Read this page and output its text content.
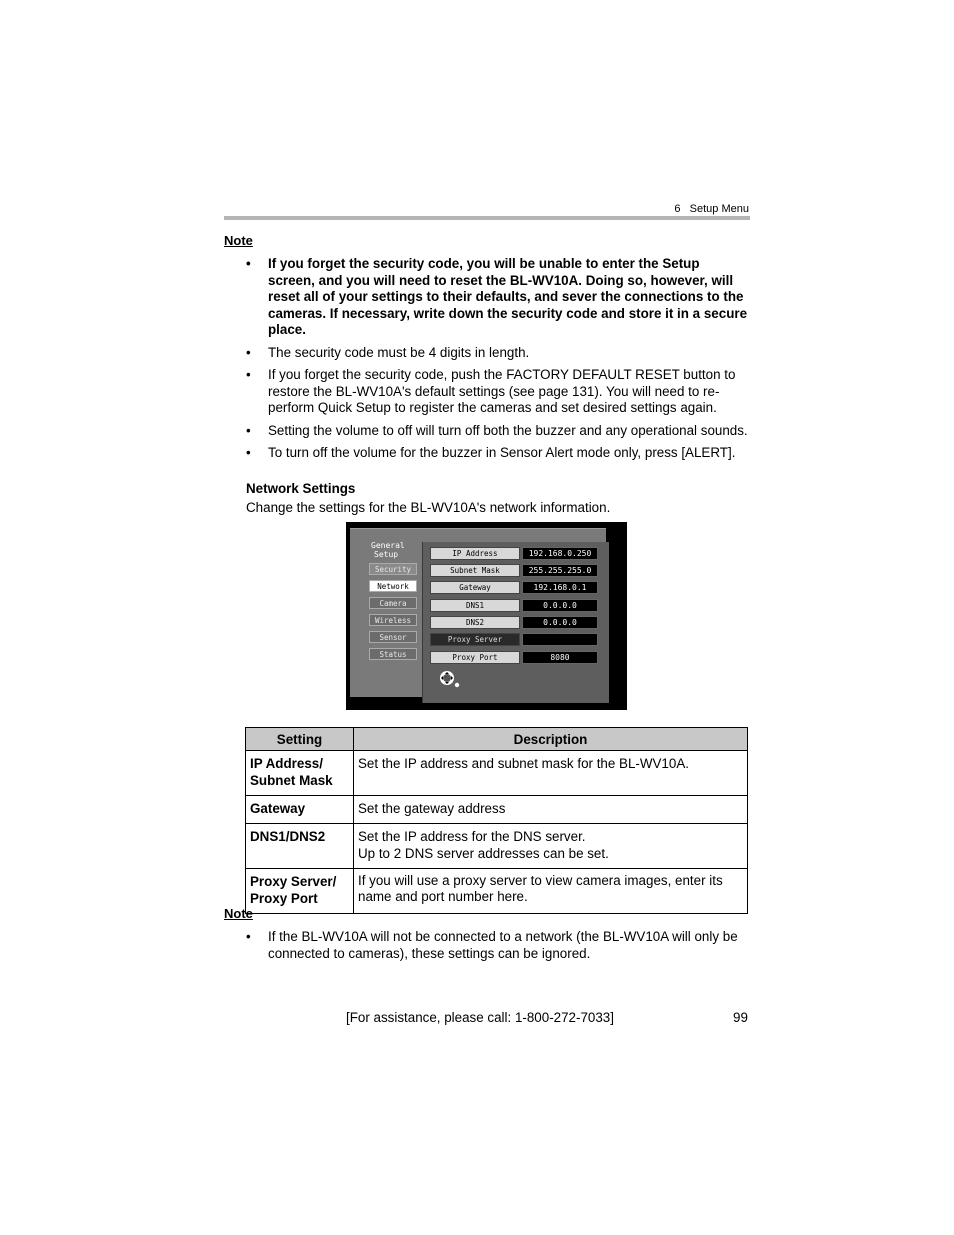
6 Setup Menu
Note
• If you forget the security code, you will be unable to enter the Setup screen, and you will need to reset the BL-WV10A. Doing so, however, will reset all of your settings to their defaults, and sever the connections to the cameras. If necessary, write down the security code and store it in a secure place.
• The security code must be 4 digits in length.
• If you forget the security code, push the FACTORY DEFAULT RESET button to restore the BL-WV10A's default settings (see page 131). You will need to re-perform Quick Setup to register the cameras and set desired settings again.
• Setting the volume to off will turn off both the buzzer and any operational sounds.
• To turn off the volume for the buzzer in Sensor Alert mode only, press [ALERT].
Network Settings
Change the settings for the BL-WV10A's network information.
General
Setup
Security
Network
Camera
Wireless
Sensor
Status
IP Address	192.168.0.250
Subnet Mask	255.255.255.0
Gateway	192.168.0.1
DNS1	0.0.0.0
DNS2	0.0.0.0
Proxy Server
Proxy Port	8080
Setting	Description

IP Address/
Subnet Mask	Set the IP address and subnet mask for the BL-WV10A.

Gateway	Set the gateway address

DNS1/DNS2	Set the IP address for the DNS server.
Up to 2 DNS server addresses can be set.

Proxy Server/
Proxy Port	If you will use a proxy server to view camera images, enter its name and port number here.
Note
• If the BL-WV10A will not be connected to a network (the BL-WV10A will only be connected to cameras), these settings can be ignored.
[For assistance, please call: 1-800-272-7033]	99
